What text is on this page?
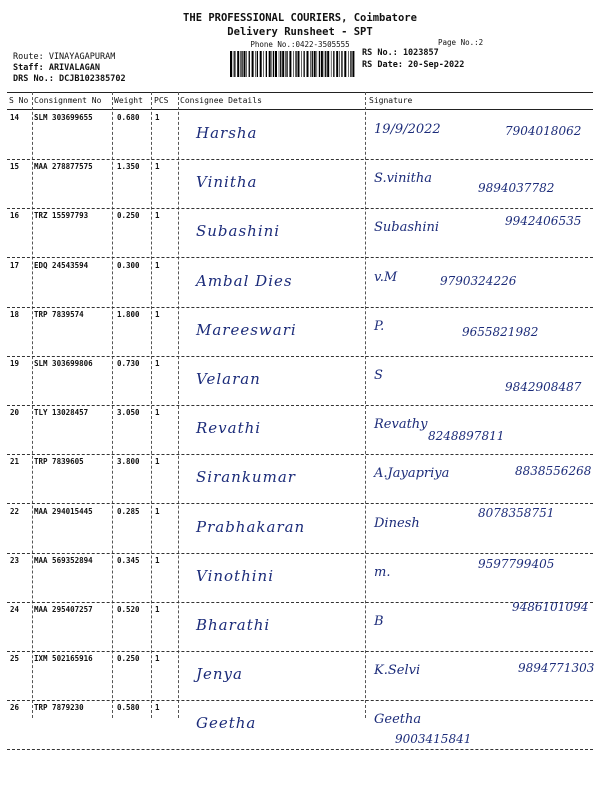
THE PROFESSIONAL COURIERS, Coimbatore
Delivery Runsheet - SPT
Phone No.:0422-3505555	Page No.:2
Route: VINAYAGAPURAM
Staff: ARIVALAGAN
DRS No.: DCJB102385702
RS No.: 1023857
RS Date: 20-Sep-2022
S No Consignment No Weight PCS Consignee Details	Signature
14 SLM 303699655	0.680 1
Harsha	19/9/2022	7904018062
15 MAA 278877575	1.350 1
Vinitha	S.vinitha
9894037782
16 TRZ 15597793	0.250 1
Subashini	Subashini	9942406535
17 EDQ 24543594	0.300 1
Ambal Dies	v.M	9790324226
18 TRP 7839574	1.800 1
Mareeswari	P.	9655821982
19 SLM 303699806	0.730 1
Velaran	S
9842908487
20 TLY 13028457	3.050 1
Revathi	Revathy
8248897811
21 TRP 7839605	3.800 1
Sirankumar	A.Jayapriya	8838556268
22 MAA 294015445	0.285 1
Prabhakaran	Dinesh
8078358751
23 MAA 569352894	0.345 1
Vinothini	m.
9597799405
24 MAA 295407257	0.520 1
Bharathi	B
9486101094
25 IXM 502165916	0.250 1
Jenya	K.Selvi	9894771303
26 TRP 7879230	0.580 1
Geetha	Geetha
9003415841
